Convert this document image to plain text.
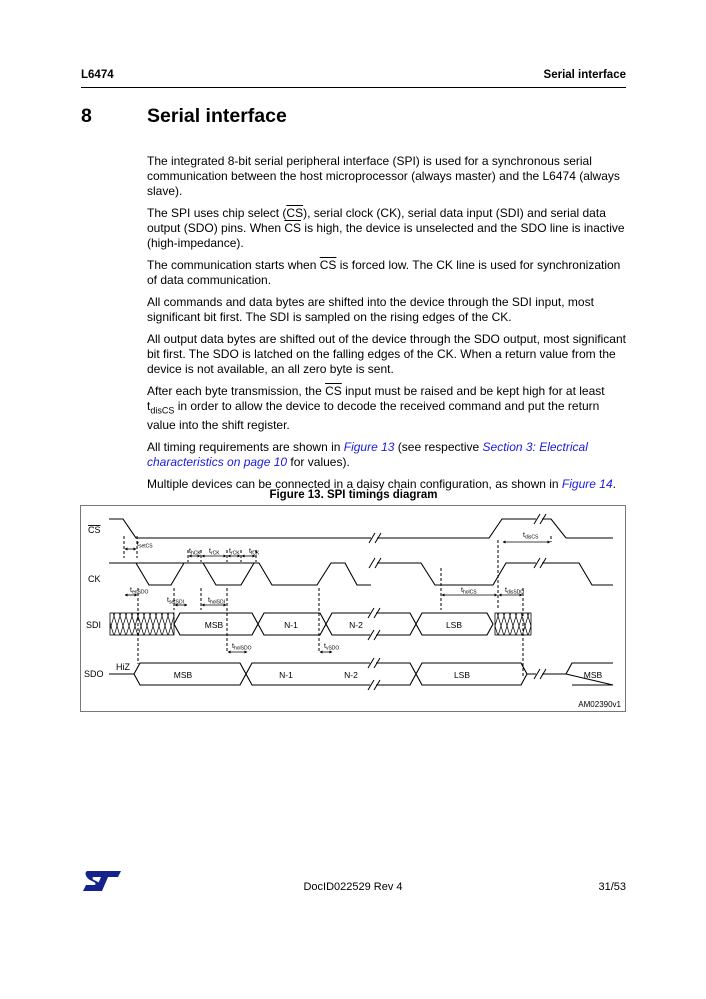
L6474	Serial interface
8	Serial interface

The integrated 8-bit serial peripheral interface (SPI) is used for a synchronous serial communication between the host microprocessor (always master) and the L6474 (always slave).

The SPI uses chip select $(\overline{CS})$, serial clock (CK), serial data input (SDI) and serial data output (SDO) pins. When $\overline{CS}$ is high, the device is unselected and the SDO line is inactive (high-impedance).

The communication starts when $\overline{CS}$ is forced low. The CK line is used for synchronization of data communication.

All commands and data bytes are shifted into the device through the SDI input, most significant bit first. The SDI is sampled on the rising edges of the CK.

All output data bytes are shifted out of the device through the SDO output, most significant bit first. The SDO is latched on the falling edges of the CK. When a return value from the device is not available, an all zero byte is sent.

After each byte transmission, the $\overline{CS}$ input must be raised and be kept high for at least $t_{disCS}$ in order to allow the device to decode the received command and put the return value into the shift register.

All timing requirements are shown in Figure 13 (see respective Section 3: Electrical characteristics on page 10 for values).

Multiple devices can be connected in a daisy chain configuration, as shown in Figure 14.

Figure 13. SPI timings diagram
CS
CK
SDI
SDO
HiZ
MSB	N-1	N-2	LSB
MSB	N-1	N-2	LSB	MSB
$t_{setCS}$
$t_{hCK}$ $t_{rCK}$ $t_{rCK}$ $t_{fCK}$
$t_{enSDO}$
$t_{setSDI}$	$t_{holSDI}$
$t_{holSDO}$	$t_{vSDO}$
$t_{holCS}$	$t_{disSDO}$
$t_{disCS}$
AM02390v1
DocID022529 Rev 4	31/53
